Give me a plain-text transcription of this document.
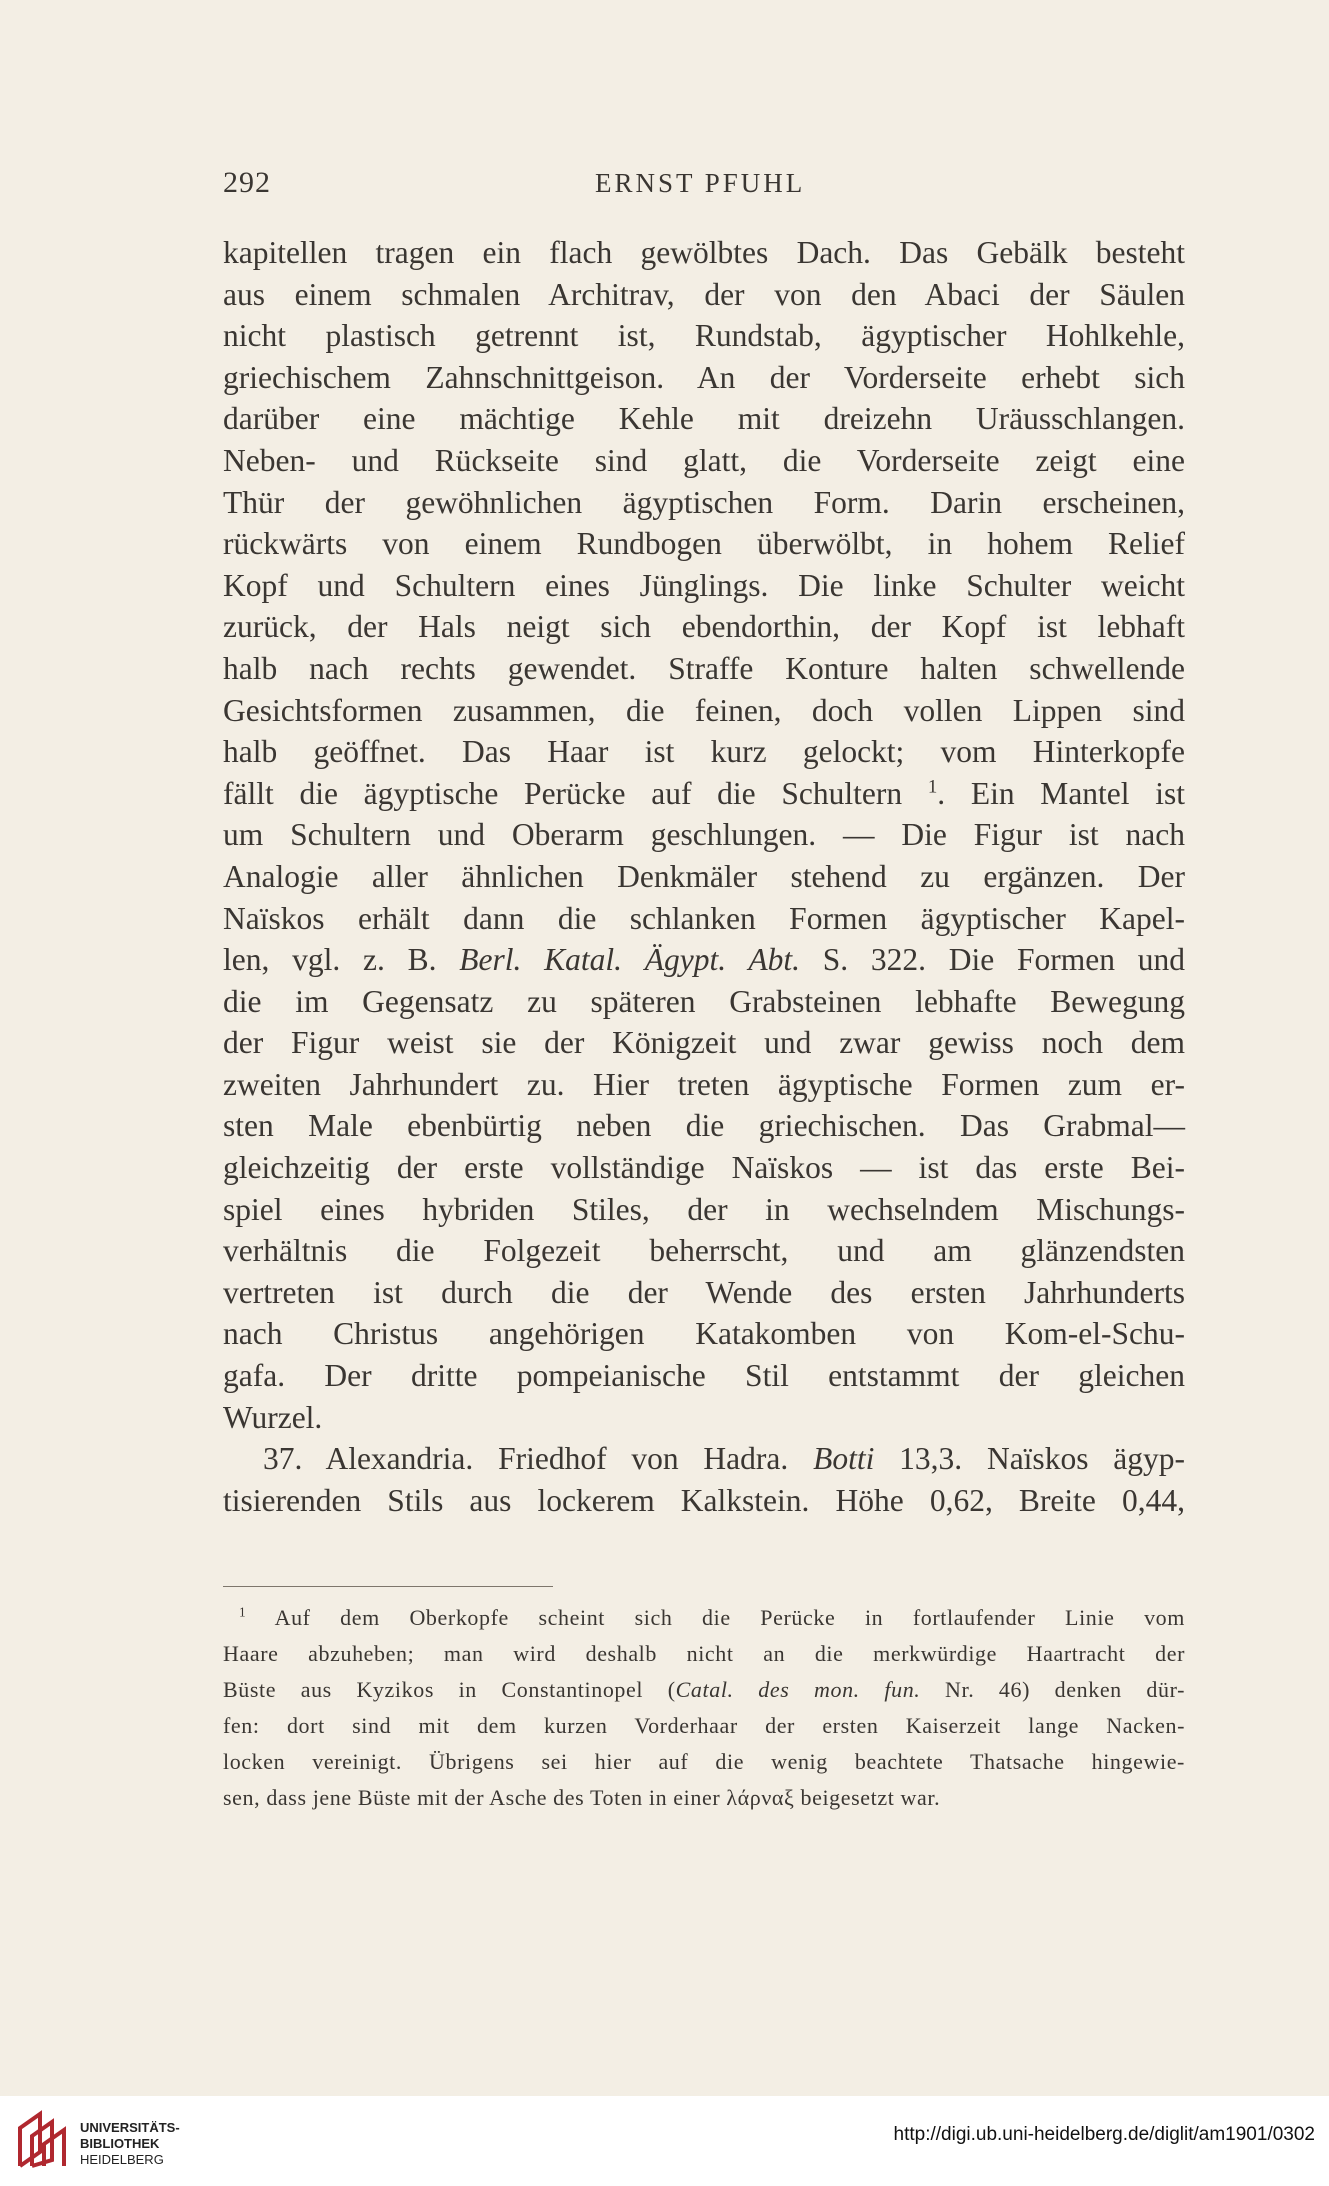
292	ERNST PFUHL
kapitellen tragen ein flach gewölbtes Dach. Das Gebälk besteht
aus einem schmalen Architrav, der von den Abaci der Säulen
nicht plastisch getrennt ist, Rundstab, ägyptischer Hohlkehle,
griechischem Zahnschnittgeison. An der Vorderseite erhebt sich
darüber eine mächtige Kehle mit dreizehn Uräusschlangen.
Neben- und Rückseite sind glatt, die Vorderseite zeigt eine
Thür der gewöhnlichen ägyptischen Form. Darin erscheinen,
rückwärts von einem Rundbogen überwölbt, in hohem Relief
Kopf und Schultern eines Jünglings. Die linke Schulter weicht
zurück, der Hals neigt sich ebendorthin, der Kopf ist lebhaft
halb nach rechts gewendet. Straffe Konture halten schwellende
Gesichtsformen zusammen, die feinen, doch vollen Lippen sind
halb geöffnet. Das Haar ist kurz gelockt; vom Hinterkopfe
fällt die ägyptische Perücke auf die Schultern $^1$. Ein Mantel ist
um Schultern und Oberarm geschlungen. — Die Figur ist nach
Analogie aller ähnlichen Denkmäler stehend zu ergänzen. Der
Naïskos erhält dann die schlanken Formen ägyptischer Kapel-
len, vgl. z. B. Berl. Katal. Ägypt. Abt. S. 322. Die Formen und
die im Gegensatz zu späteren Grabsteinen lebhafte Bewegung
der Figur weist sie der Königzeit und zwar gewiss noch dem
zweiten Jahrhundert zu. Hier treten ägyptische Formen zum er-
sten Male ebenbürtig neben die griechischen. Das Grabmal—
gleichzeitig der erste vollständige Naïskos — ist das erste Bei-
spiel eines hybriden Stiles, der in wechselndem Mischungs-
verhältnis die Folgezeit beherrscht, und am glänzendsten
vertreten ist durch die der Wende des ersten Jahrhunderts
nach Christus angehörigen Katakomben von Kom-el-Schu-
gafa. Der dritte pompeianische Stil entstammt der gleichen
Wurzel.
37. Alexandria. Friedhof von Hadra. Botti 13,3. Naïskos ägyp-
tisierenden Stils aus lockerem Kalkstein. Höhe 0,62, Breite 0,44,
$^1$ Auf dem Oberkopfe scheint sich die Perücke in fortlaufender Linie vom
Haare abzuheben; man wird deshalb nicht an die merkwürdige Haartracht der
Büste aus Kyzikos in Constantinopel (Catal. des mon. fun. Nr. 46) denken dür-
fen: dort sind mit dem kurzen Vorderhaar der ersten Kaiserzeit lange Nacken-
locken vereinigt. Übrigens sei hier auf die wenig beachtete Thatsache hingewie-
sen, dass jene Büste mit der Asche des Toten in einer λάρναξ beigesetzt war.
UNIVERSITÄTS-
BIBLIOTHEK
HEIDELBERG
http://digi.ub.uni-heidelberg.de/diglit/am1901/0302
